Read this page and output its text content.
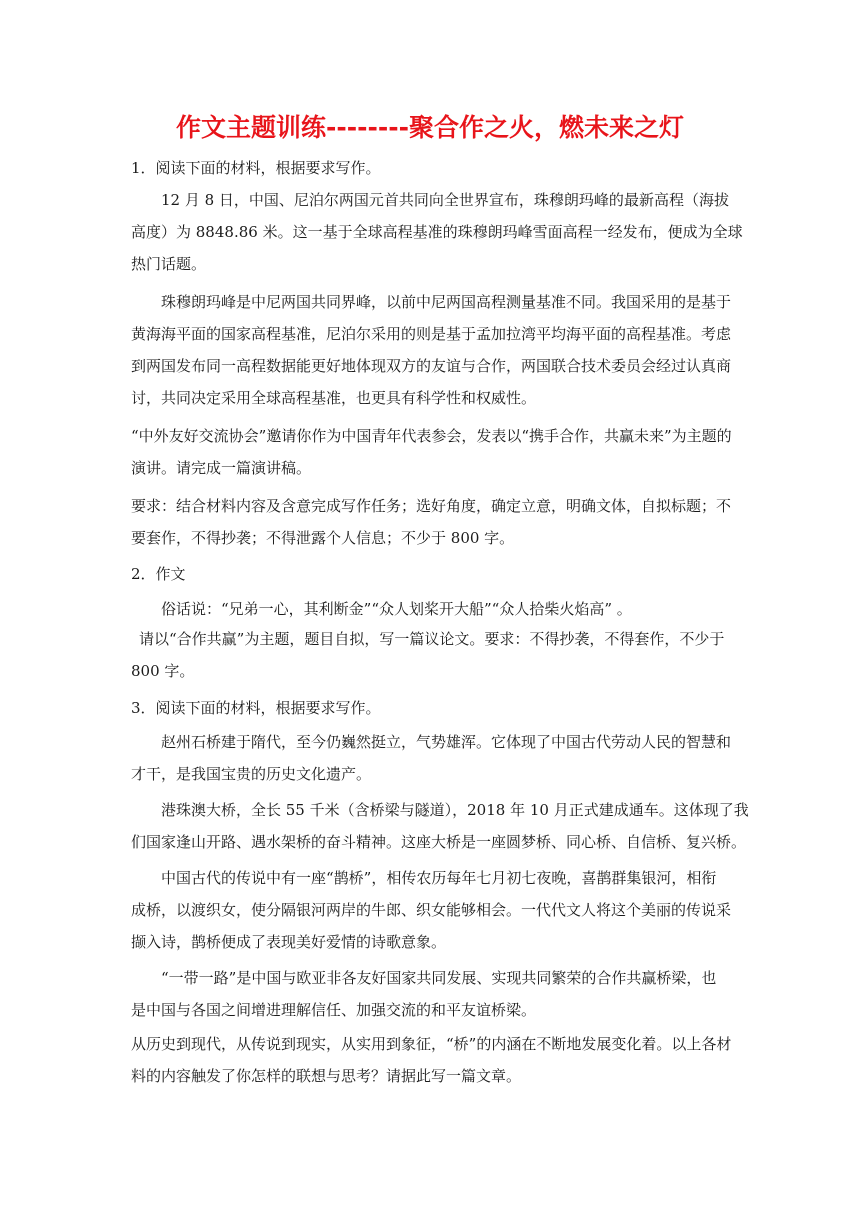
作文主题训练--------聚合作之火，燃未来之灯
1．阅读下面的材料，根据要求写作。
12 月 8 日，中国、尼泊尔两国元首共同向全世界宣布，珠穆朗玛峰的最新高程（海拔
高度）为 8848.86 米。这一基于全球高程基准的珠穆朗玛峰雪面高程一经发布，便成为全球
热门话题。
珠穆朗玛峰是中尼两国共同界峰，以前中尼两国高程测量基准不同。我国采用的是基于
黄海海平面的国家高程基准，尼泊尔采用的则是基于孟加拉湾平均海平面的高程基准。考虑
到两国发布同一高程数据能更好地体现双方的友谊与合作，两国联合技术委员会经过认真商
讨，共同决定采用全球高程基准，也更具有科学性和权威性。
“中外友好交流协会”邀请你作为中国青年代表参会，发表以“携手合作，共赢未来”为主题的
演讲。请完成一篇演讲稿。
要求：结合材料内容及含意完成写作任务；选好角度，确定立意，明确文体，自拟标题；不
要套作，不得抄袭；不得泄露个人信息；不少于 800 字。
2．作文
俗话说：“兄弟一心，其利断金”“众人划桨开大船”“众人拾柴火焰高” 。
请以“合作共赢”为主题，题目自拟，写一篇议论文。要求：不得抄袭，不得套作，不少于
800 字。
3．阅读下面的材料，根据要求写作。
赵州石桥建于隋代，至今仍巍然挺立，气势雄浑。它体现了中国古代劳动人民的智慧和
才干，是我国宝贵的历史文化遗产。
港珠澳大桥，全长 55 千米（含桥梁与隧道），2018 年 10 月正式建成通车。这体现了我
们国家逢山开路、遇水架桥的奋斗精神。这座大桥是一座圆梦桥、同心桥、自信桥、复兴桥。
中国古代的传说中有一座“鹊桥”，相传农历每年七月初七夜晚，喜鹊群集银河，相衔
成桥，以渡织女，使分隔银河两岸的牛郎、织女能够相会。一代代文人将这个美丽的传说采
撷入诗，鹊桥便成了表现美好爱情的诗歌意象。
“一带一路”是中国与欧亚非各友好国家共同发展、实现共同繁荣的合作共赢桥梁，也
是中国与各国之间增进理解信任、加强交流的和平友谊桥梁。
从历史到现代，从传说到现实，从实用到象征，“桥”的内涵在不断地发展变化着。以上各材
料的内容触发了你怎样的联想与思考？请据此写一篇文章。
